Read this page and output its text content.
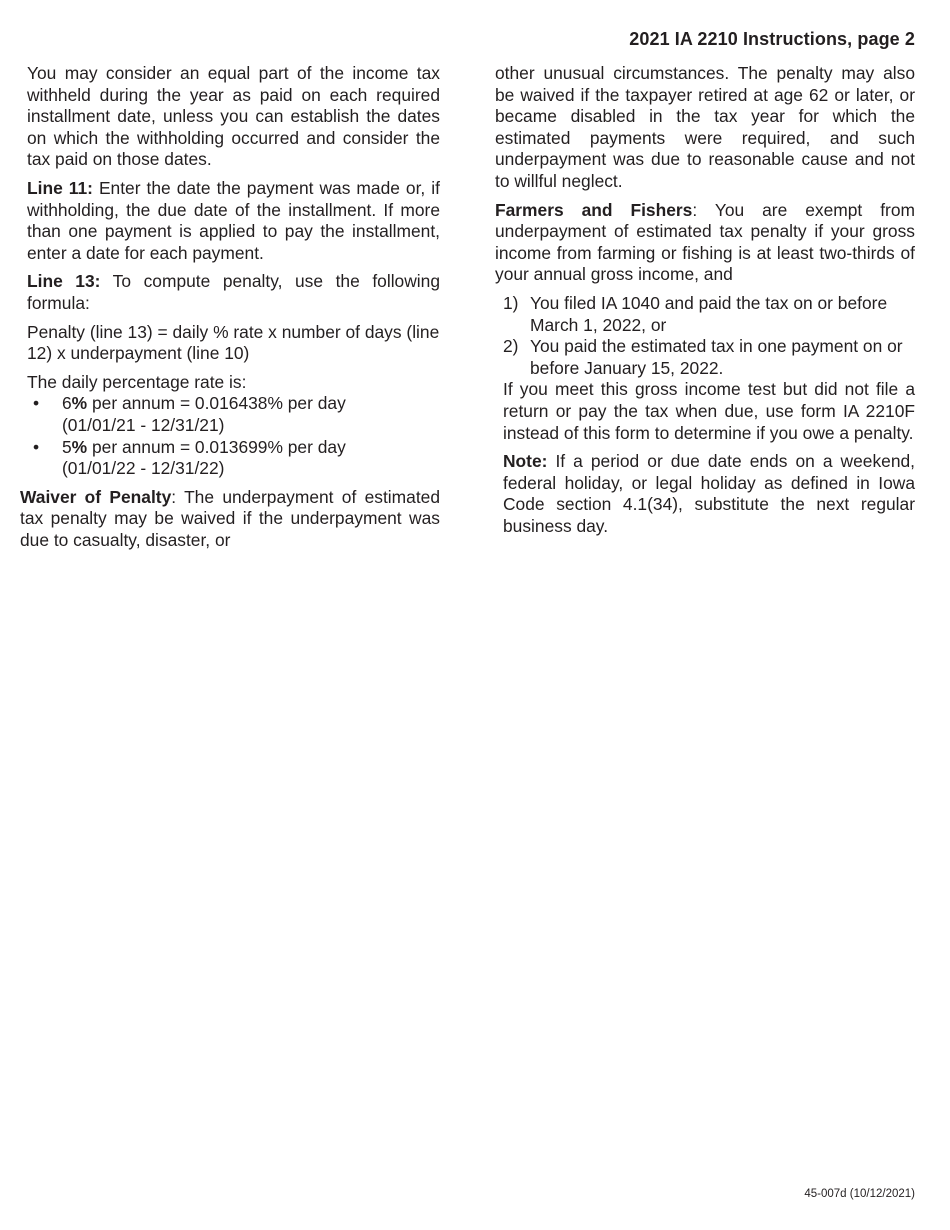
2021 IA 2210 Instructions, page 2

You may consider an equal part of the income tax withheld during the year as paid on each required installment date, unless you can establish the dates on which the withholding occurred and consider the tax paid on those dates.

Line 11: Enter the date the payment was made or, if withholding, the due date of the installment. If more than one payment is applied to pay the installment, enter a date for each payment.

Line 13: To compute penalty, use the following formula:

Penalty (line 13) = daily % rate x number of days (line 12) x underpayment (line 10)

The daily percentage rate is:

• 6% per annum = 0.016438% per day
(01/01/21 - 12/31/21)
• 5% per annum = 0.013699% per day
(01/01/22 - 12/31/22)

Waiver of Penalty: The underpayment of estimated tax penalty may be waived if the underpayment was due to casualty, disaster, or

other unusual circumstances. The penalty may also be waived if the taxpayer retired at age 62 or later, or became disabled in the tax year for which the estimated payments were required, and such underpayment was due to reasonable cause and not to willful neglect.

Farmers and Fishers: You are exempt from underpayment of estimated tax penalty if your gross income from farming or fishing is at least two-thirds of your annual gross income, and

1) You filed IA 1040 and paid the tax on or before March 1, 2022, or
2) You paid the estimated tax in one payment on or before January 15, 2022.

If you meet this gross income test but did not file a return or pay the tax when due, use form IA 2210F instead of this form to determine if you owe a penalty.

Note: If a period or due date ends on a weekend, federal holiday, or legal holiday as defined in Iowa Code section 4.1(34), substitute the next regular business day.

45-007d (10/12/2021)
